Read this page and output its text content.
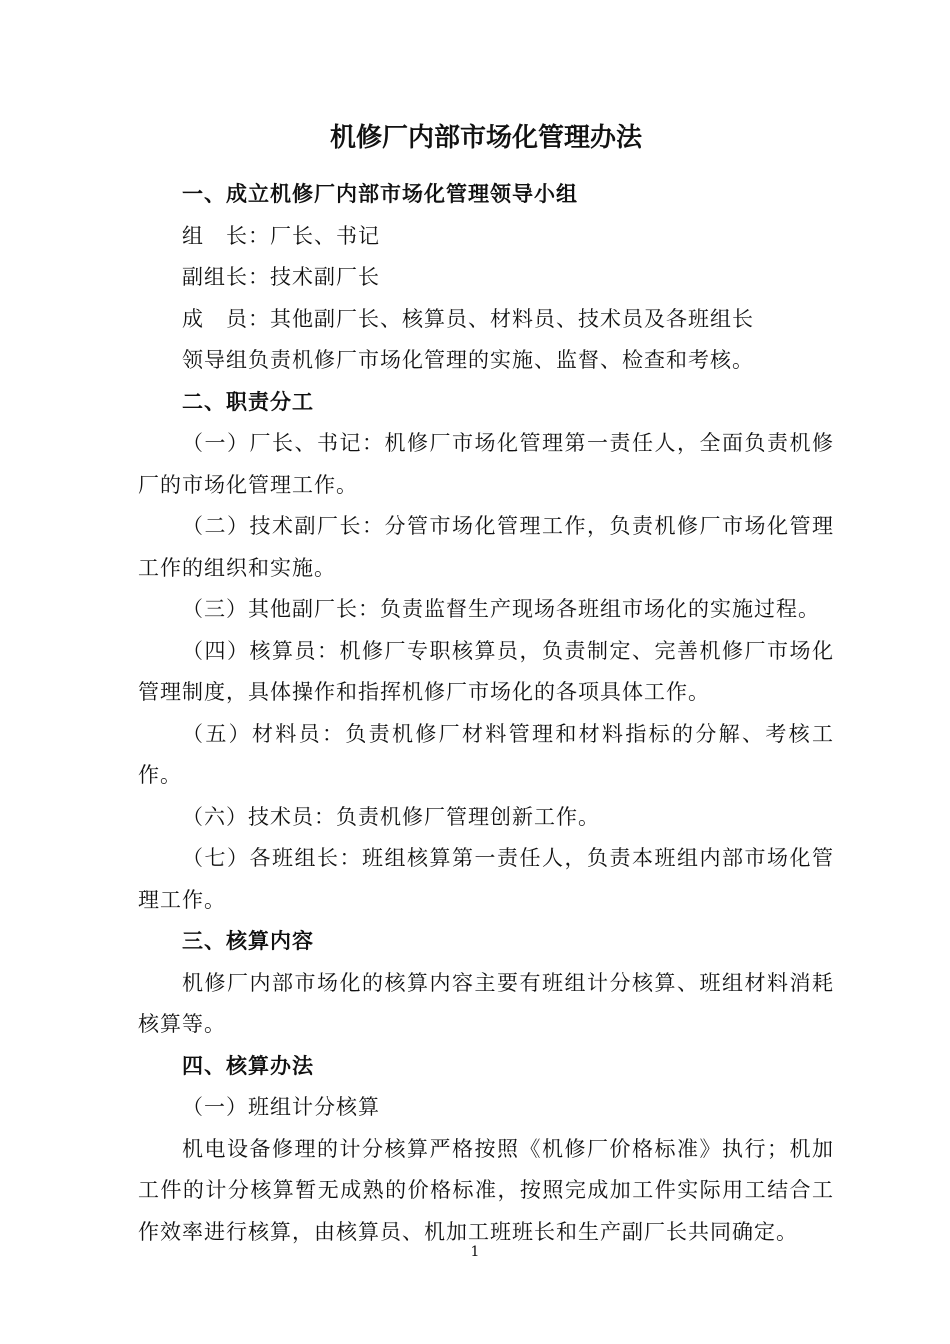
机修厂内部市场化管理办法
一、成立机修厂内部市场化管理领导小组
组　长：厂长、书记
副组长：技术副厂长
成　员：其他副厂长、核算员、材料员、技术员及各班组长
领导组负责机修厂市场化管理的实施、监督、检查和考核。
二、职责分工
（一）厂长、书记：机修厂市场化管理第一责任人，全面负责机修厂的市场化管理工作。
（二）技术副厂长：分管市场化管理工作，负责机修厂市场化管理工作的组织和实施。
（三）其他副厂长：负责监督生产现场各班组市场化的实施过程。
（四）核算员：机修厂专职核算员，负责制定、完善机修厂市场化管理制度，具体操作和指挥机修厂市场化的各项具体工作。
（五）材料员：负责机修厂材料管理和材料指标的分解、考核工作。
（六）技术员：负责机修厂管理创新工作。
（七）各班组长：班组核算第一责任人，负责本班组内部市场化管理工作。
三、核算内容
机修厂内部市场化的核算内容主要有班组计分核算、班组材料消耗核算等。
四、核算办法
（一）班组计分核算
机电设备修理的计分核算严格按照《机修厂价格标准》执行；机加工件的计分核算暂无成熟的价格标准，按照完成加工件实际用工结合工作效率进行核算，由核算员、机加工班班长和生产副厂长共同确定。
1
